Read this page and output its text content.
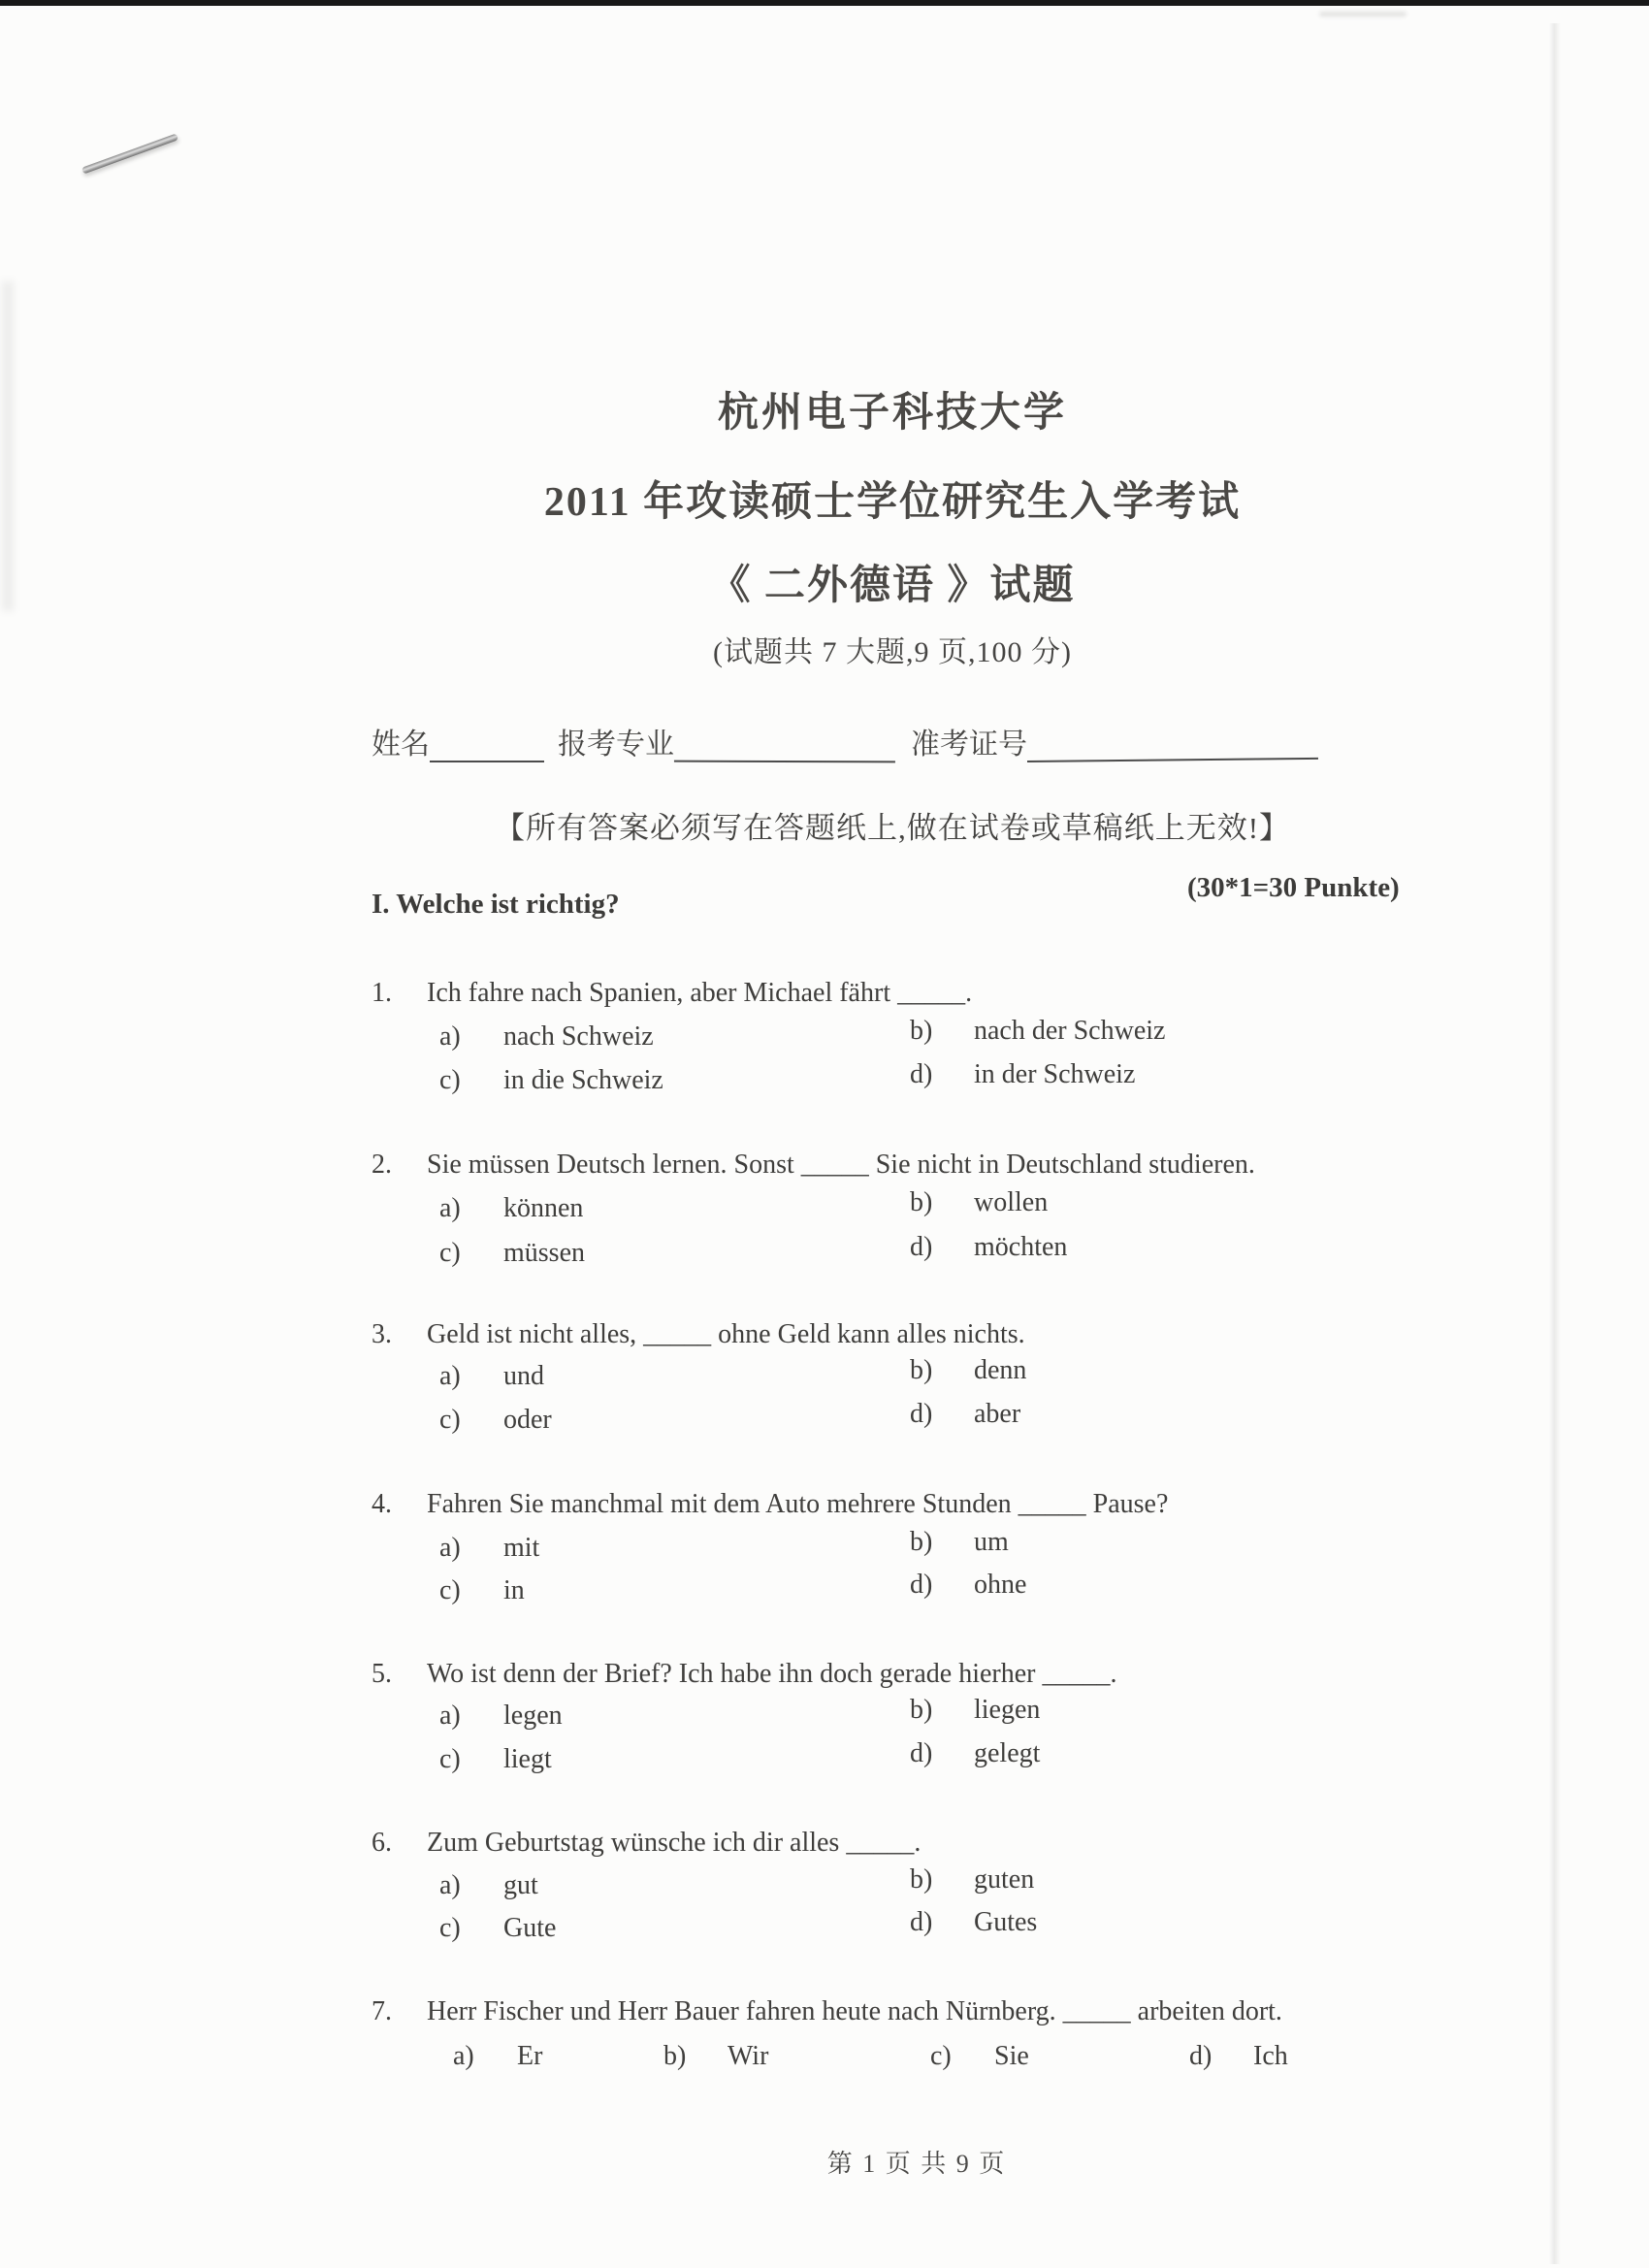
杭州电子科技大学
2011 年攻读硕士学位研究生入学考试
《 二外德语 》试题
(试题共 7 大题,9 页,100 分)
姓名	报考专业	准考证号
【所有答案必须写在答题纸上,做在试卷或草稿纸上无效!】
I. Welche ist richtig?
(30*1=30 Punkte)
1. Ich fahre nach Spanien, aber Michael fährt _____.
a) nach Schweiz	b) nach der Schweiz
c) in die Schweiz	d) in der Schweiz
2. Sie müssen Deutsch lernen. Sonst _____ Sie nicht in Deutschland studieren.
a) können	b) wollen
c) müssen	d) möchten
3. Geld ist nicht alles, _____ ohne Geld kann alles nichts.
a) und	b) denn
c) oder	d) aber
4. Fahren Sie manchmal mit dem Auto mehrere Stunden _____ Pause?
a) mit	b) um
c) in	d) ohne
5. Wo ist denn der Brief? Ich habe ihn doch gerade hierher _____.
a) legen	b) liegen
c) liegt	d) gelegt
6. Zum Geburtstag wünsche ich dir alles _____.
a) gut	b) guten
c) Gute	d) Gutes
7. Herr Fischer und Herr Bauer fahren heute nach Nürnberg. _____ arbeiten dort.
a) Er	b) Wir	c) Sie	d) Ich
第 1 页 共 9 页
